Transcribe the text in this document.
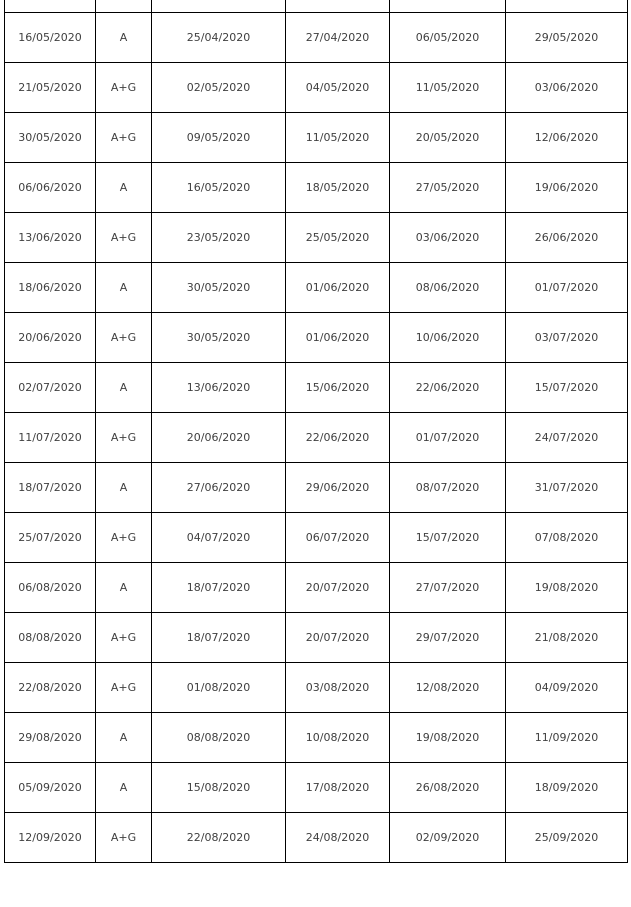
16/05/2020	A	25/04/2020	27/04/2020	06/05/2020	29/05/2020
21/05/2020	A+G	02/05/2020	04/05/2020	11/05/2020	03/06/2020
30/05/2020	A+G	09/05/2020	11/05/2020	20/05/2020	12/06/2020
06/06/2020	A	16/05/2020	18/05/2020	27/05/2020	19/06/2020
13/06/2020	A+G	23/05/2020	25/05/2020	03/06/2020	26/06/2020
18/06/2020	A	30/05/2020	01/06/2020	08/06/2020	01/07/2020
20/06/2020	A+G	30/05/2020	01/06/2020	10/06/2020	03/07/2020
02/07/2020	A	13/06/2020	15/06/2020	22/06/2020	15/07/2020
11/07/2020	A+G	20/06/2020	22/06/2020	01/07/2020	24/07/2020
18/07/2020	A	27/06/2020	29/06/2020	08/07/2020	31/07/2020
25/07/2020	A+G	04/07/2020	06/07/2020	15/07/2020	07/08/2020
06/08/2020	A	18/07/2020	20/07/2020	27/07/2020	19/08/2020
08/08/2020	A+G	18/07/2020	20/07/2020	29/07/2020	21/08/2020
22/08/2020	A+G	01/08/2020	03/08/2020	12/08/2020	04/09/2020
29/08/2020	A	08/08/2020	10/08/2020	19/08/2020	11/09/2020
05/09/2020	A	15/08/2020	17/08/2020	26/08/2020	18/09/2020
12/09/2020	A+G	22/08/2020	24/08/2020	02/09/2020	25/09/2020
